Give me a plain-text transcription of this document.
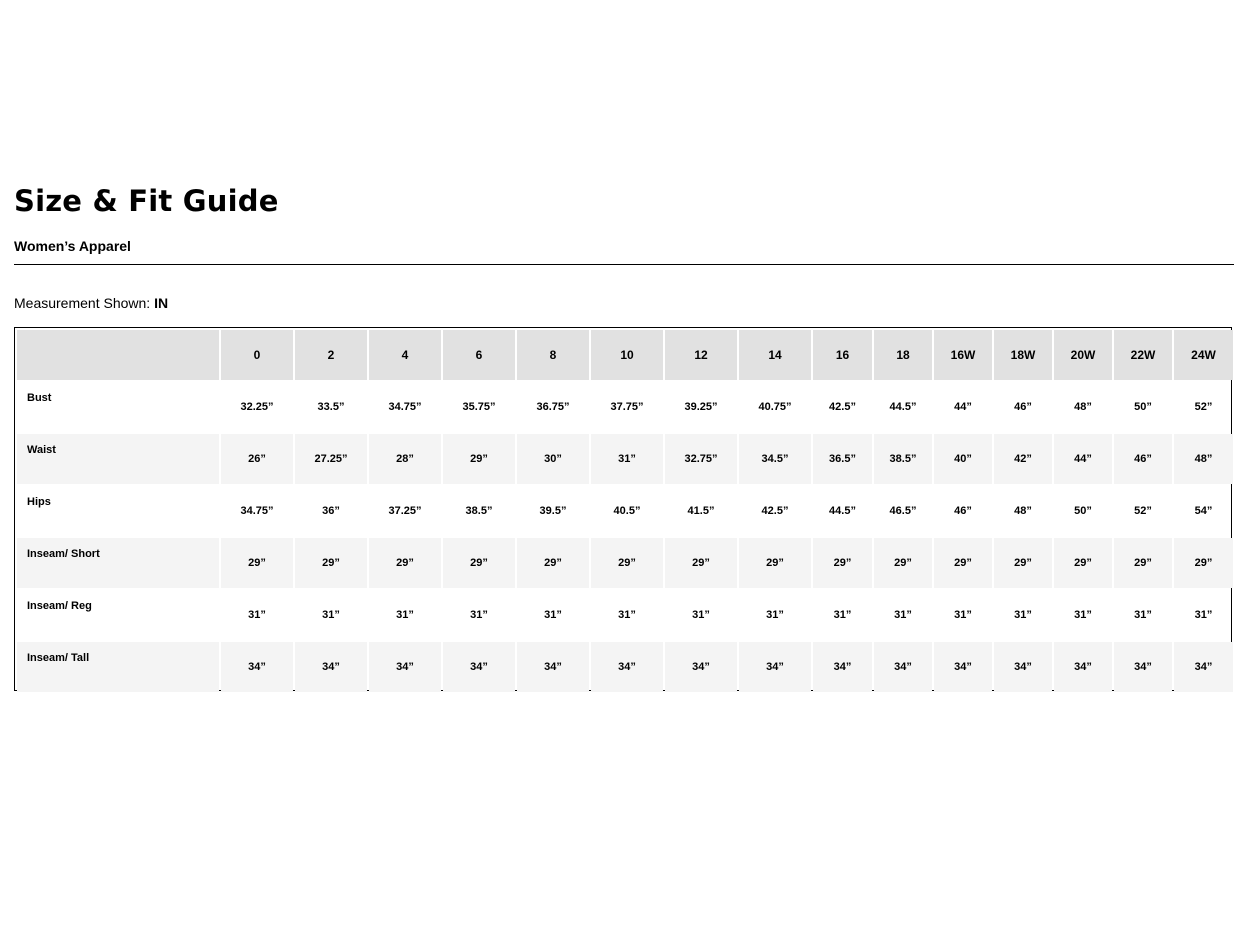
Size & Fit Guide
Women’s Apparel
Measurement Shown: IN
	0	2	4	6	8	10	12	14	16	18	16W	18W	20W	22W	24W
Bust	32.25”	33.5”	34.75”	35.75”	36.75”	37.75”	39.25”	40.75”	42.5”	44.5”	44”	46”	48”	50”	52”
Waist	26”	27.25”	28”	29”	30”	31”	32.75”	34.5”	36.5”	38.5”	40”	42”	44”	46”	48”
Hips	34.75”	36”	37.25”	38.5”	39.5”	40.5”	41.5”	42.5”	44.5”	46.5”	46”	48”	50”	52”	54”
Inseam/ Short	29”	29”	29”	29”	29”	29”	29”	29”	29”	29”	29”	29”	29”	29”	29”
Inseam/ Reg	31”	31”	31”	31”	31”	31”	31”	31”	31”	31”	31”	31”	31”	31”	31”
Inseam/ Tall	34”	34”	34”	34”	34”	34”	34”	34”	34”	34”	34”	34”	34”	34”	34”
